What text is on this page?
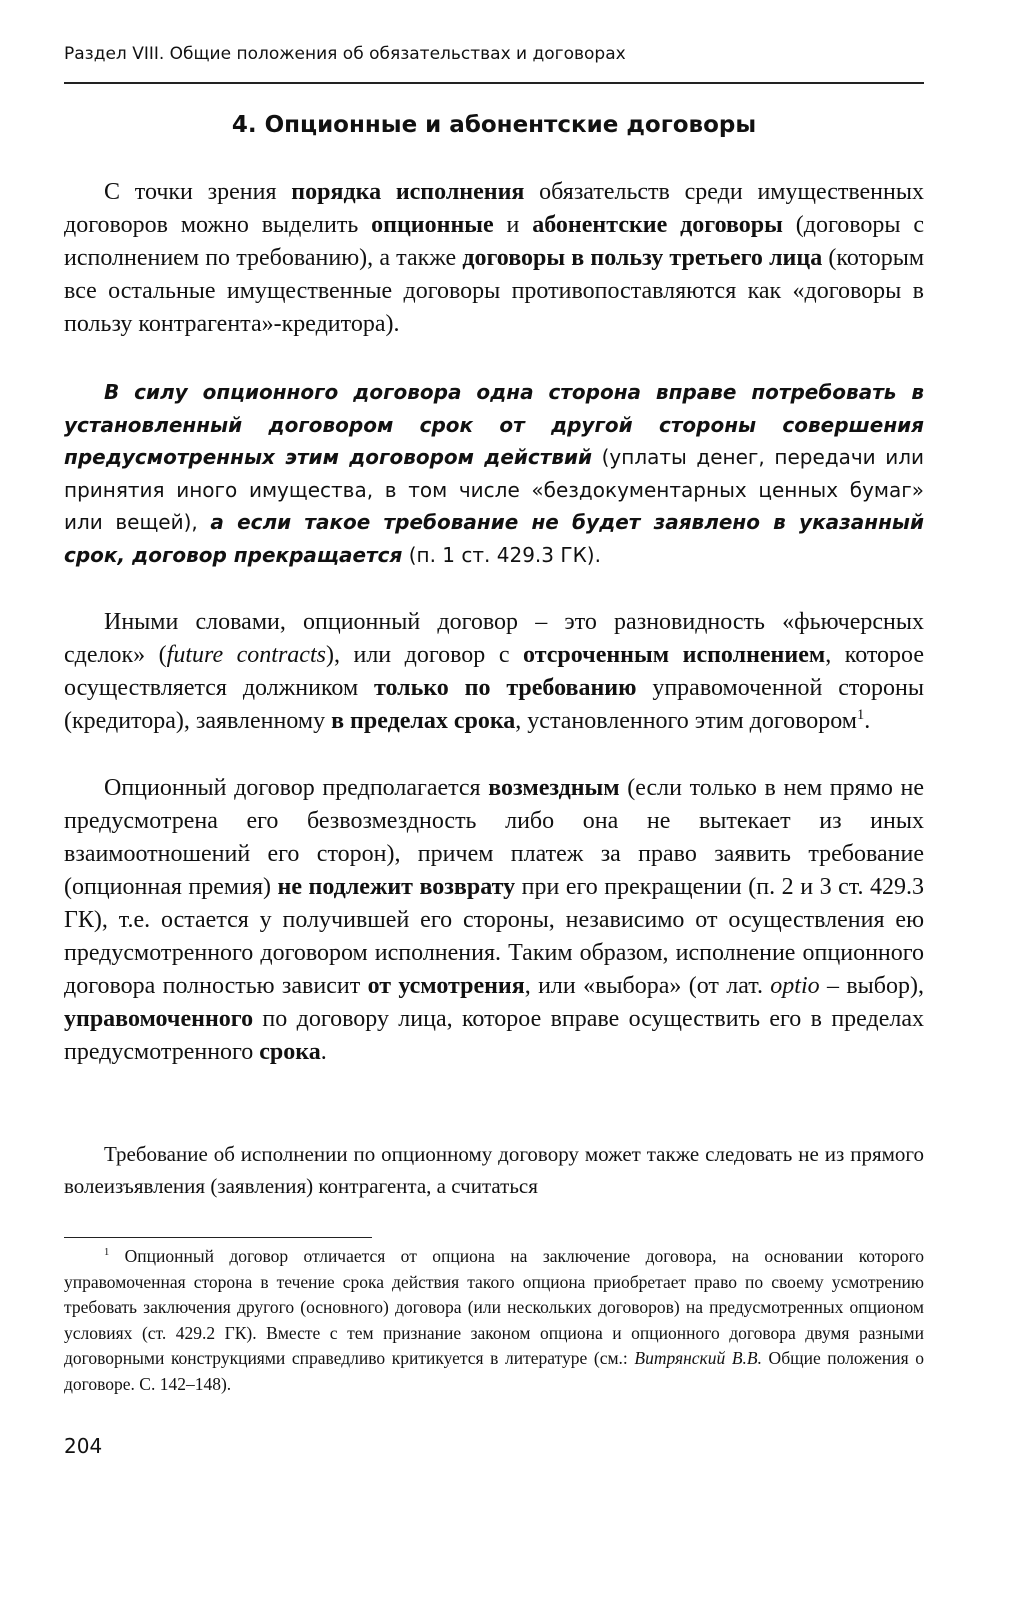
Раздел VIII. Общие положения об обязательствах и договорах
4. Опционные и абонентские договоры

С точки зрения порядка исполнения обязательств среди имущественных договоров можно выделить опционные и абонентские договоры (договоры с исполнением по требованию), а также договоры в пользу третьего лица (которым все остальные имущественные договоры противопоставляются как «договоры в пользу контрагента»-кредитора).

В силу опционного договора одна сторона вправе потребовать в установленный договором срок от другой стороны совершения предусмотренных этим договором действий (уплаты денег, передачи или принятия иного имущества, в том числе «бездокументарных ценных бумаг» или вещей), а если такое требование не будет заявлено в указанный срок, договор прекращается (п. 1 ст. 429.3 ГК).

Иными словами, опционный договор – это разновидность «фьючерсных сделок» (future contracts), или договор с отсроченным исполнением, которое осуществляется должником только по требованию управомоченной стороны (кредитора), заявленному в пределах срока, установленного этим договором$^1$.

Опционный договор предполагается возмездным (если только в нем прямо не предусмотрена его безвозмездность либо она не вытекает из иных взаимоотношений его сторон), причем платеж за право заявить требование (опционная премия) не подлежит возврату при его прекращении (п. 2 и 3 ст. 429.3 ГК), т.е. остается у получившей его стороны, независимо от осуществления ею предусмотренного договором исполнения. Таким образом, исполнение опционного договора полностью зависит от усмотрения, или «выбора» (от лат. optio – выбор), управомоченного по договору лица, которое вправе осуществить его в пределах предусмотренного срока.

Требование об исполнении по опционному договору может также следовать не из прямого волеизъявления (заявления) контрагента, а считаться

$^1$ Опционный договор отличается от опциона на заключение договора, на основании которого управомоченная сторона в течение срока действия такого опциона приобретает право по своему усмотрению требовать заключения другого (основного) договора (или нескольких договоров) на предусмотренных опционом условиях (ст. 429.2 ГК). Вместе с тем признание законом опциона и опционного договора двумя разными договорными конструкциями справедливо критикуется в литературе (см.: Витрянский В.В. Общие положения о договоре. С. 142–148).

204
